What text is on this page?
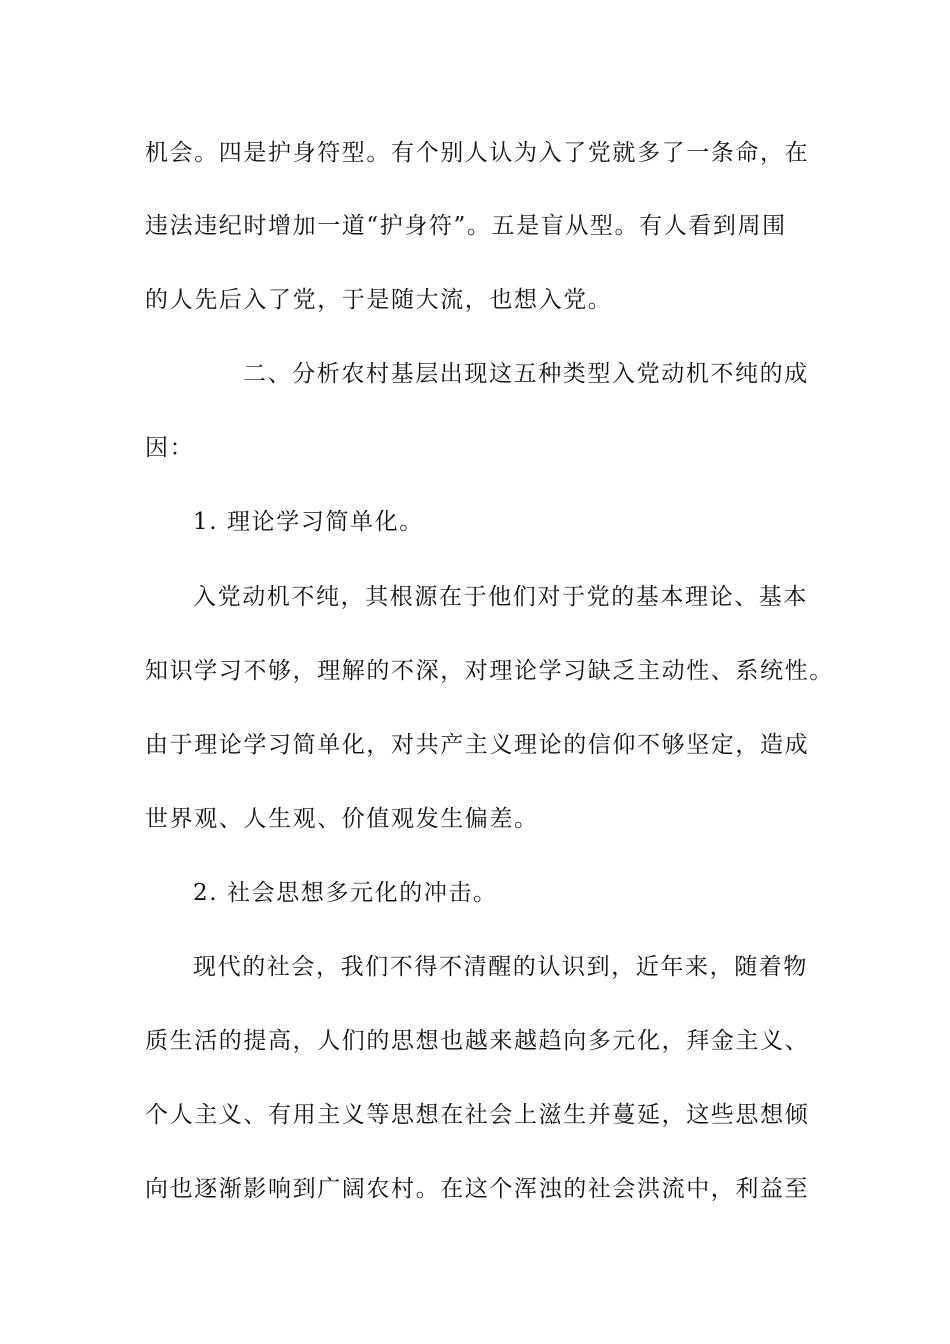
机会。四是护身符型。有个别人认为入了党就多了一条命，在
违法违纪时增加一道“护身符”。五是盲从型。有人看到周围
的人先后入了党，于是随大流，也想入党。
二、分析农村基层出现这五种类型入党动机不纯的成
因：
1. 理论学习简单化。
入党动机不纯，其根源在于他们对于党的基本理论、基本
知识学习不够，理解的不深，对理论学习缺乏主动性、系统性。
由于理论学习简单化，对共产主义理论的信仰不够坚定，造成
世界观、人生观、价值观发生偏差。
2. 社会思想多元化的冲击。
现代的社会，我们不得不清醒的认识到，近年来，随着物
质生活的提高，人们的思想也越来越趋向多元化，拜金主义、
个人主义、有用主义等思想在社会上滋生并蔓延，这些思想倾
向也逐渐影响到广阔农村。在这个浑浊的社会洪流中，利益至
